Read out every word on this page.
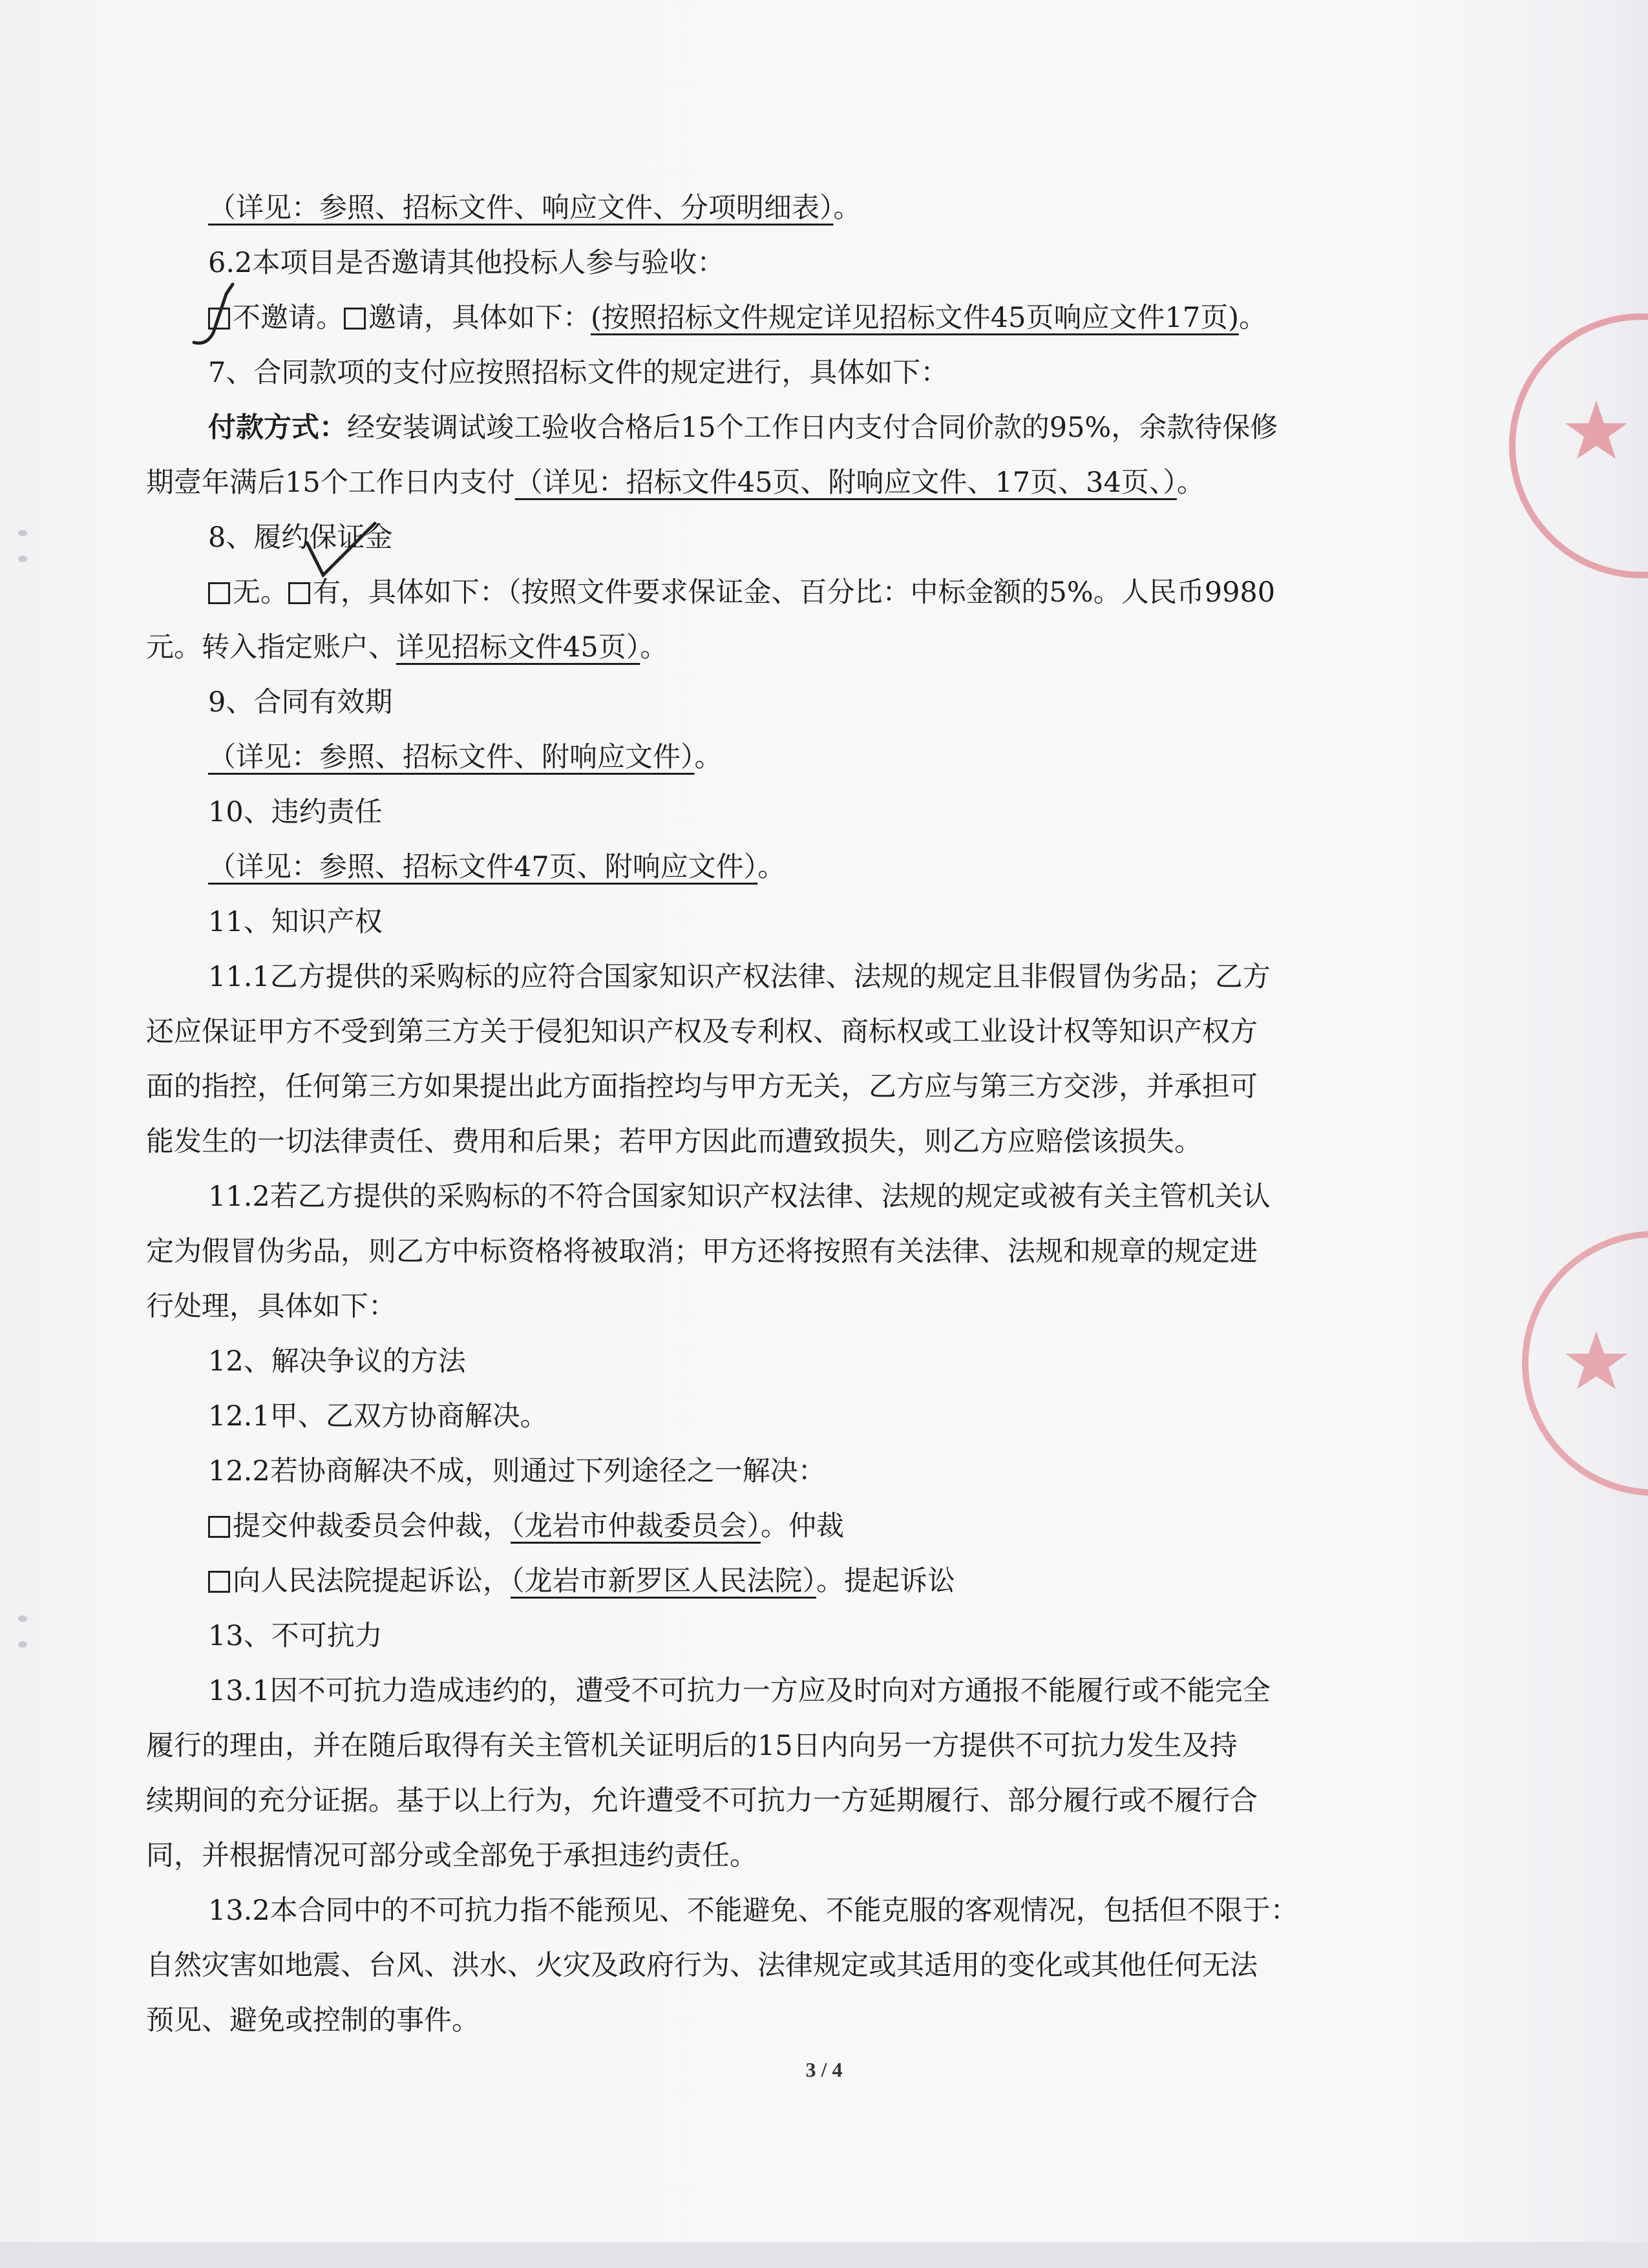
（详见：参照、招标文件、响应文件、分项明细表）。
6.2本项目是否邀请其他投标人参与验收：
不邀请。 邀请，具体如下：(按照招标文件规定详见招标文件45页响应文件17页)。
7、合同款项的支付应按照招标文件的规定进行，具体如下：
付款方式：经安装调试竣工验收合格后15个工作日内支付合同价款的95%，余款待保修
期壹年满后15个工作日内支付（详见：招标文件45页、附响应文件、17页、34页、）。
8、履约保证金
无。 有，具体如下：（按照文件要求保证金、百分比：中标金额的5%。人民币9980
元。转入指定账户、详见招标文件45页）。
9、合同有效期
（详见：参照、招标文件、附响应文件）。
10、违约责任
（详见：参照、招标文件47页、附响应文件）。
11、知识产权
11.1乙方提供的采购标的应符合国家知识产权法律、法规的规定且非假冒伪劣品；乙方
还应保证甲方不受到第三方关于侵犯知识产权及专利权、商标权或工业设计权等知识产权方
面的指控，任何第三方如果提出此方面指控均与甲方无关，乙方应与第三方交涉，并承担可
能发生的一切法律责任、费用和后果；若甲方因此而遭致损失，则乙方应赔偿该损失。
11.2若乙方提供的采购标的不符合国家知识产权法律、法规的规定或被有关主管机关认
定为假冒伪劣品，则乙方中标资格将被取消；甲方还将按照有关法律、法规和规章的规定进
行处理，具体如下：
12、解决争议的方法
12.1甲、乙双方协商解决。
12.2若协商解决不成，则通过下列途径之一解决：
提交仲裁委员会仲裁，（龙岩市仲裁委员会）。仲裁
向人民法院提起诉讼，（龙岩市新罗区人民法院）。提起诉讼
13、不可抗力
13.1因不可抗力造成违约的，遭受不可抗力一方应及时向对方通报不能履行或不能完全
履行的理由，并在随后取得有关主管机关证明后的15日内向另一方提供不可抗力发生及持
续期间的充分证据。基于以上行为，允许遭受不可抗力一方延期履行、部分履行或不履行合
同，并根据情况可部分或全部免于承担违约责任。
13.2本合同中的不可抗力指不能预见、不能避免、不能克服的客观情况，包括但不限于：
自然灾害如地震、台风、洪水、火灾及政府行为、法律规定或其适用的变化或其他任何无法
预见、避免或控制的事件。
3 / 4
